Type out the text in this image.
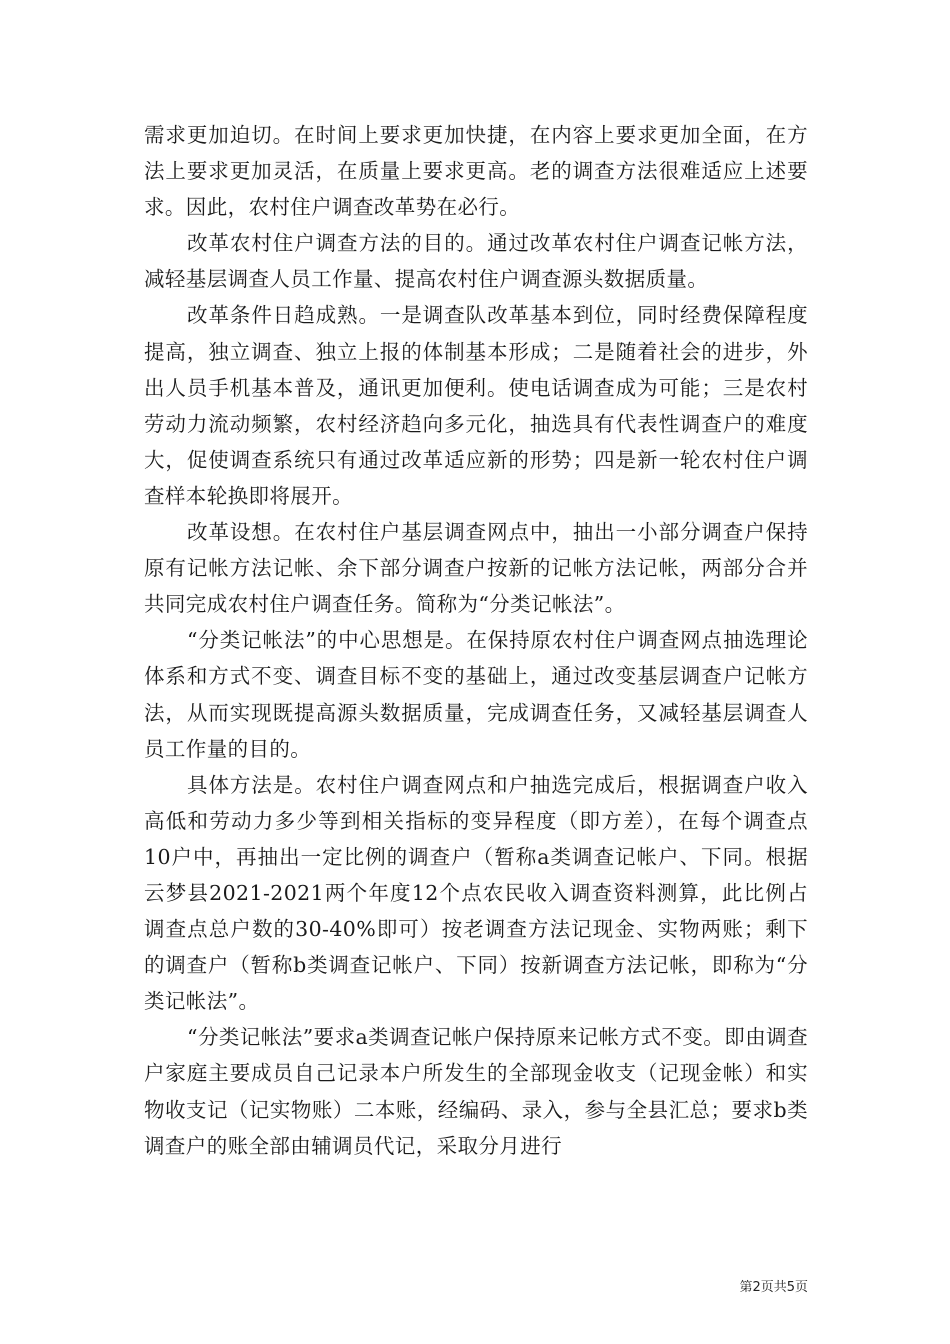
需求更加迫切。在时间上要求更加快捷，在内容上要求更加全面，在方法上要求更加灵活，在质量上要求更高。老的调查方法很难适应上述要求。因此，农村住户调查改革势在必行。

改革农村住户调查方法的目的。通过改革农村住户调查记帐方法，减轻基层调查人员工作量、提高农村住户调查源头数据质量。

改革条件日趋成熟。一是调查队改革基本到位，同时经费保障程度提高，独立调查、独立上报的体制基本形成；二是随着社会的进步，外出人员手机基本普及，通讯更加便利。使电话调查成为可能；三是农村劳动力流动频繁，农村经济趋向多元化，抽选具有代表性调查户的难度大，促使调查系统只有通过改革适应新的形势；四是新一轮农村住户调查样本轮换即将展开。

改革设想。在农村住户基层调查网点中，抽出一小部分调查户保持原有记帐方法记帐、余下部分调查户按新的记帐方法记帐，两部分合并共同完成农村住户调查任务。简称为“分类记帐法”。

“分类记帐法”的中心思想是。在保持原农村住户调查网点抽选理论体系和方式不变、调查目标不变的基础上，通过改变基层调查户记帐方法，从而实现既提高源头数据质量，完成调查任务，又减轻基层调查人员工作量的目的。

具体方法是。农村住户调查网点和户抽选完成后，根据调查户收入高低和劳动力多少等到相关指标的变异程度（即方差），在每个调查点10户中，再抽出一定比例的调查户（暂称a类调查记帐户、下同。根据云梦县2021-2021两个年度12个点农民收入调查资料测算，此比例占调查点总户数的30-40%即可）按老调查方法记现金、实物两账；剩下的调查户（暂称b类调查记帐户、下同）按新调查方法记帐，即称为“分类记帐法”。

“分类记帐法”要求a类调查记帐户保持原来记帐方式不变。即由调查户家庭主要成员自己记录本户所发生的全部现金收支（记现金帐）和实物收支记（记实物账）二本账，经编码、录入，参与全县汇总；要求b类调查户的账全部由辅调员代记，采取分月进行

第2页共5页
